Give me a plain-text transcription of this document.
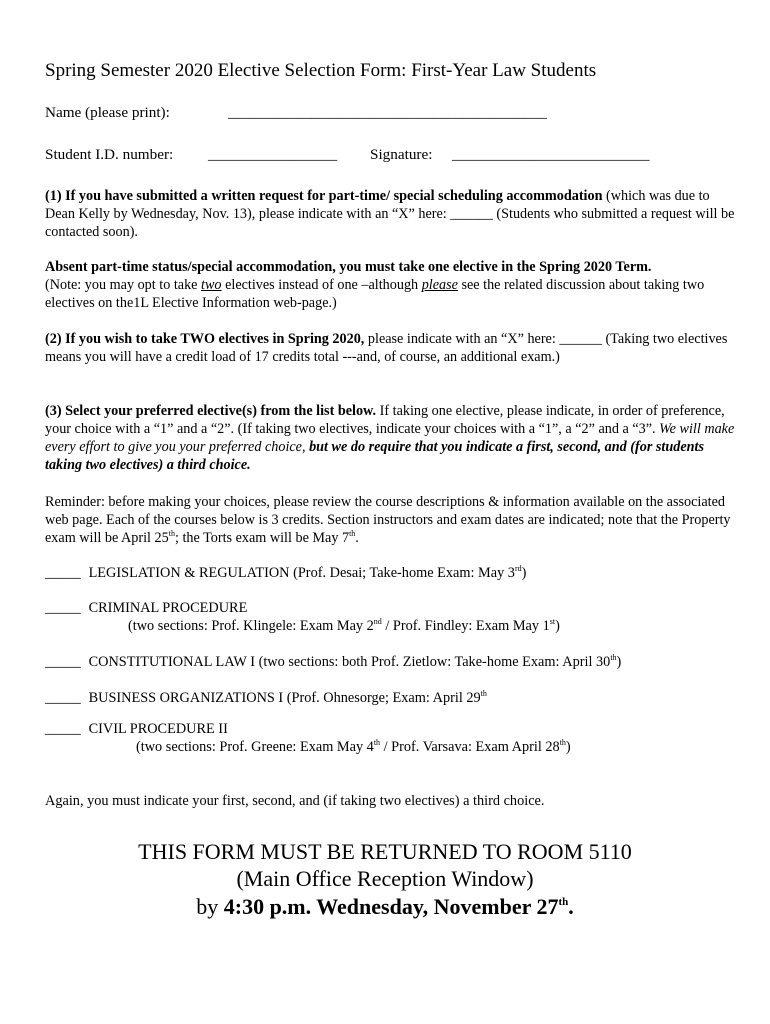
Spring Semester 2020 Elective Selection Form: First-Year Law Students
Name (please print):	__________________________________________
Student I.D. number: _________________ Signature: __________________________
(1) If you have submitted a written request for part-time/ special scheduling accommodation (which was due to Dean Kelly by Wednesday, Nov. 13), please indicate with an “X” here: ______ (Students who submitted a request will be contacted soon).
Absent part-time status/special accommodation, you must take one elective in the Spring 2020 Term.
(Note: you may opt to take two electives instead of one –although please see the related discussion about taking two electives on the1L Elective Information web-page.)
(2) If you wish to take TWO electives in Spring 2020, please indicate with an “X” here: ______ (Taking two electives means you will have a credit load of 17 credits total ---and, of course, an additional exam.)
(3) Select your preferred elective(s) from the list below. If taking one elective, please indicate, in order of preference, your choice with a “1” and a “2”. (If taking two electives, indicate your choices with a “1”, a “2” and a “3”. We will make every effort to give you your preferred choice, but we do require that you indicate a first, second, and (for students taking two electives) a third choice.
Reminder: before making your choices, please review the course descriptions & information available on the associated web page. Each of the courses below is 3 credits. Section instructors and exam dates are indicated; note that the Property exam will be April 25th; the Torts exam will be May 7th.
_____ LEGISLATION & REGULATION (Prof. Desai; Take-home Exam: May 3rd)
_____ CRIMINAL PROCEDURE
(two sections: Prof. Klingele: Exam May 2nd / Prof. Findley: Exam May 1st)
_____ CONSTITUTIONAL LAW I (two sections: both Prof. Zietlow: Take-home Exam: April 30th)
_____ BUSINESS ORGANIZATIONS I (Prof. Ohnesorge; Exam: April 29th
_____ CIVIL PROCEDURE II
(two sections: Prof. Greene: Exam May 4th / Prof. Varsava: Exam April 28th)
Again, you must indicate your first, second, and (if taking two electives) a third choice.
THIS FORM MUST BE RETURNED TO ROOM 5110
(Main Office Reception Window)
by 4:30 p.m. Wednesday, November 27th.
